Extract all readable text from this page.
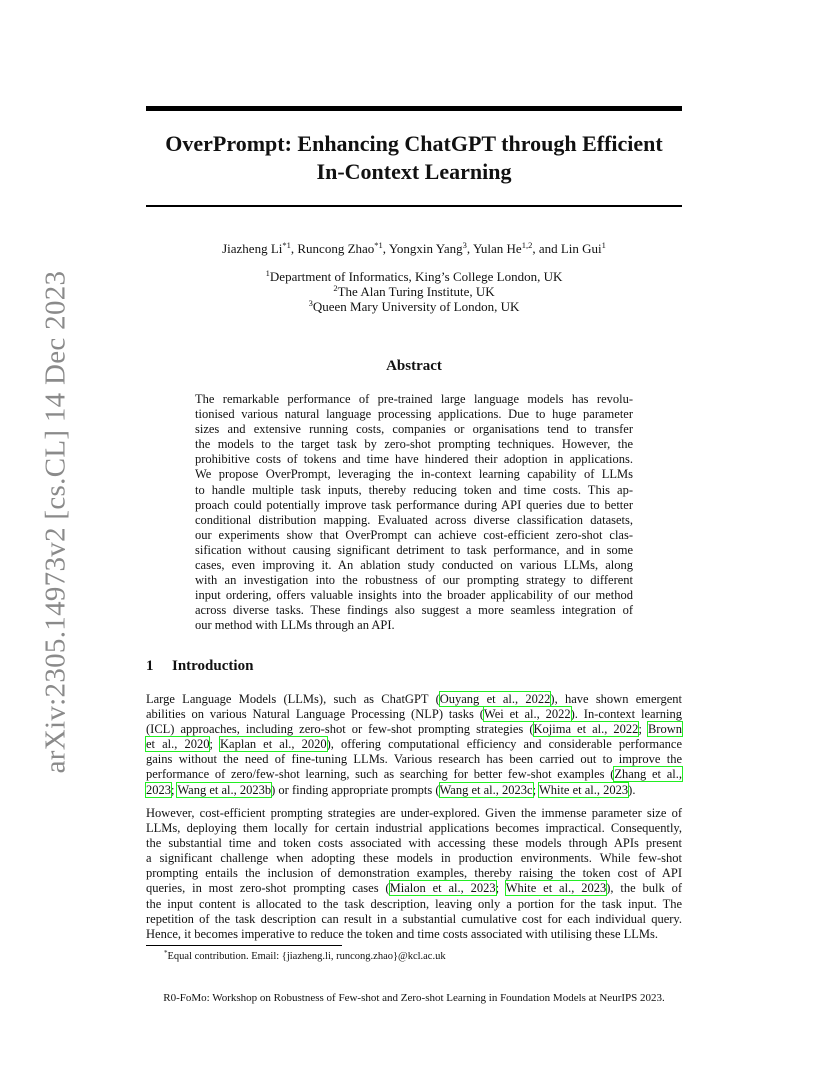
arXiv:2305.14973v2 [cs.CL] 14 Dec 2023
OverPrompt: Enhancing ChatGPT through Efficient
In-Context Learning
Jiazheng Li$^{*1}$, Runcong Zhao$^{*1}$, Yongxin Yang$^3$, Yulan He$^{1,2}$, and Lin Gui$^1$
$^1$Department of Informatics, King’s College London, UK
$^2$The Alan Turing Institute, UK
$^3$Queen Mary University of London, UK
Abstract
The remarkable performance of pre-trained large language models has revolu-
tionised various natural language processing applications. Due to huge parameter
sizes and extensive running costs, companies or organisations tend to transfer
the models to the target task by zero-shot prompting techniques. However, the
prohibitive costs of tokens and time have hindered their adoption in applications.
We propose OverPrompt, leveraging the in-context learning capability of LLMs
to handle multiple task inputs, thereby reducing token and time costs. This ap-
proach could potentially improve task performance during API queries due to better
conditional distribution mapping. Evaluated across diverse classification datasets,
our experiments show that OverPrompt can achieve cost-efficient zero-shot clas-
sification without causing significant detriment to task performance, and in some
cases, even improving it. An ablation study conducted on various LLMs, along
with an investigation into the robustness of our prompting strategy to different
input ordering, offers valuable insights into the broader applicability of our method
across diverse tasks. These findings also suggest a more seamless integration of
our method with LLMs through an API.
1 Introduction
Large Language Models (LLMs), such as ChatGPT (Ouyang et al., 2022), have shown emergent
abilities on various Natural Language Processing (NLP) tasks (Wei et al., 2022). In-context learning
(ICL) approaches, including zero-shot or few-shot prompting strategies (Kojima et al., 2022; Brown
et al., 2020; Kaplan et al., 2020), offering computational efficiency and considerable performance
gains without the need of fine-tuning LLMs. Various research has been carried out to improve the
performance of zero/few-shot learning, such as searching for better few-shot examples (Zhang et al.,
2023; Wang et al., 2023b) or finding appropriate prompts (Wang et al., 2023c; White et al., 2023).
However, cost-efficient prompting strategies are under-explored. Given the immense parameter size of
LLMs, deploying them locally for certain industrial applications becomes impractical. Consequently,
the substantial time and token costs associated with accessing these models through APIs present
a significant challenge when adopting these models in production environments. While few-shot
prompting entails the inclusion of demonstration examples, thereby raising the token cost of API
queries, in most zero-shot prompting cases (Mialon et al., 2023; White et al., 2023), the bulk of
the input content is allocated to the task description, leaving only a portion for the task input. The
repetition of the task description can result in a substantial cumulative cost for each individual query.
Hence, it becomes imperative to reduce the token and time costs associated with utilising these LLMs.
*Equal contribution. Email: {jiazheng.li, runcong.zhao}@kcl.ac.uk
R0-FoMo: Workshop on Robustness of Few-shot and Zero-shot Learning in Foundation Models at NeurIPS 2023.
